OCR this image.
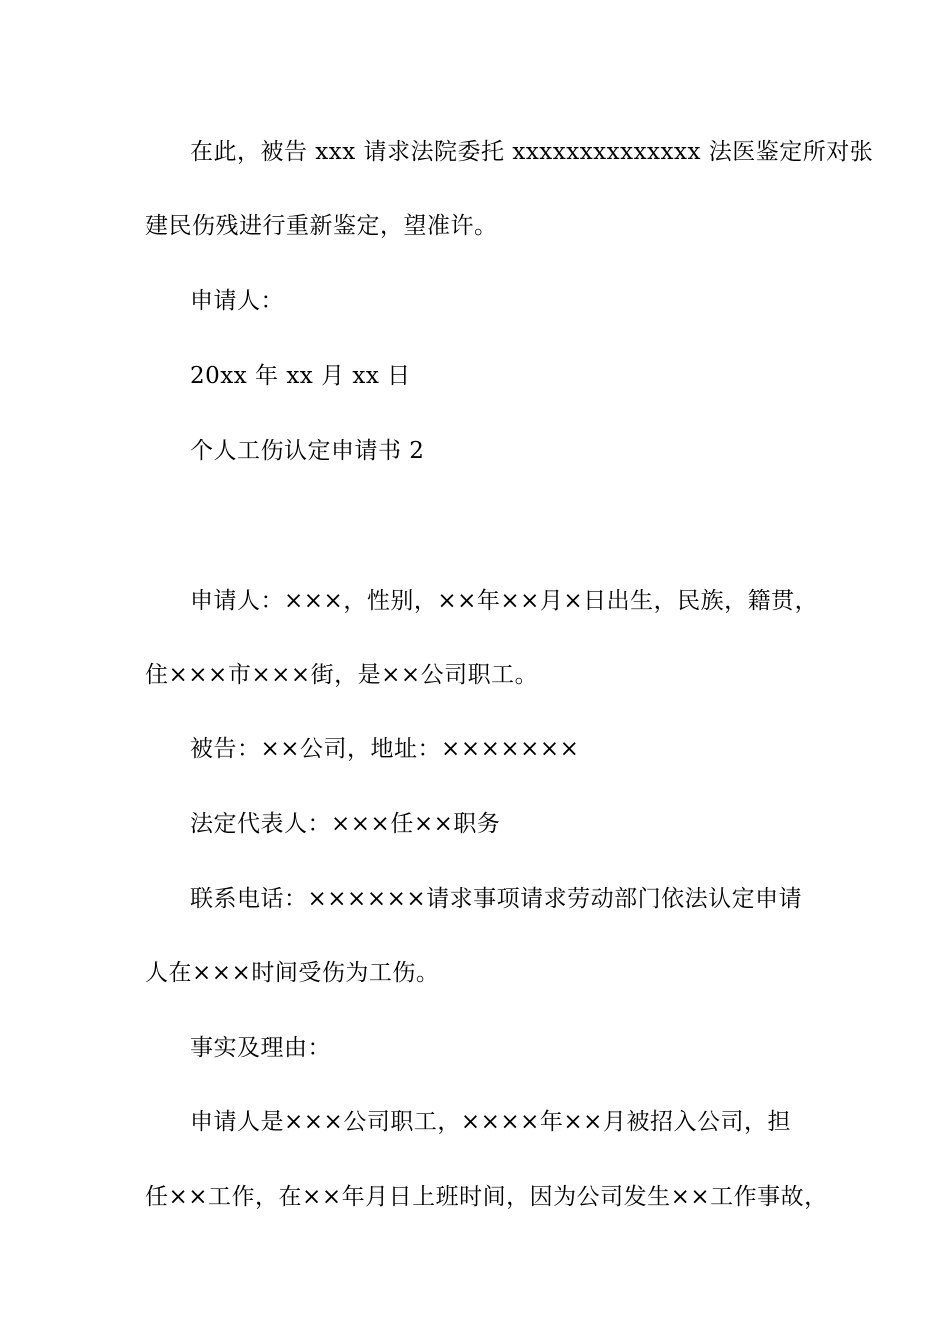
在此，被告 xxx 请求法院委托 xxxxxxxxxxxxxx 法医鉴定所对张
建民伤残进行重新鉴定，望准许。
申请人：
20xx 年 xx 月 xx 日
个人工伤认定申请书 2
申请人：×××，性别，××年××月×日出生，民族，籍贯，
住×××市×××街，是××公司职工。
被告：××公司，地址：×××××××
法定代表人：×××任××职务
联系电话：××××××请求事项请求劳动部门依法认定申请
人在×××时间受伤为工伤。
事实及理由：
申请人是×××公司职工，××××年××月被招入公司，担
任××工作，在××年月日上班时间，因为公司发生××工作事故，
